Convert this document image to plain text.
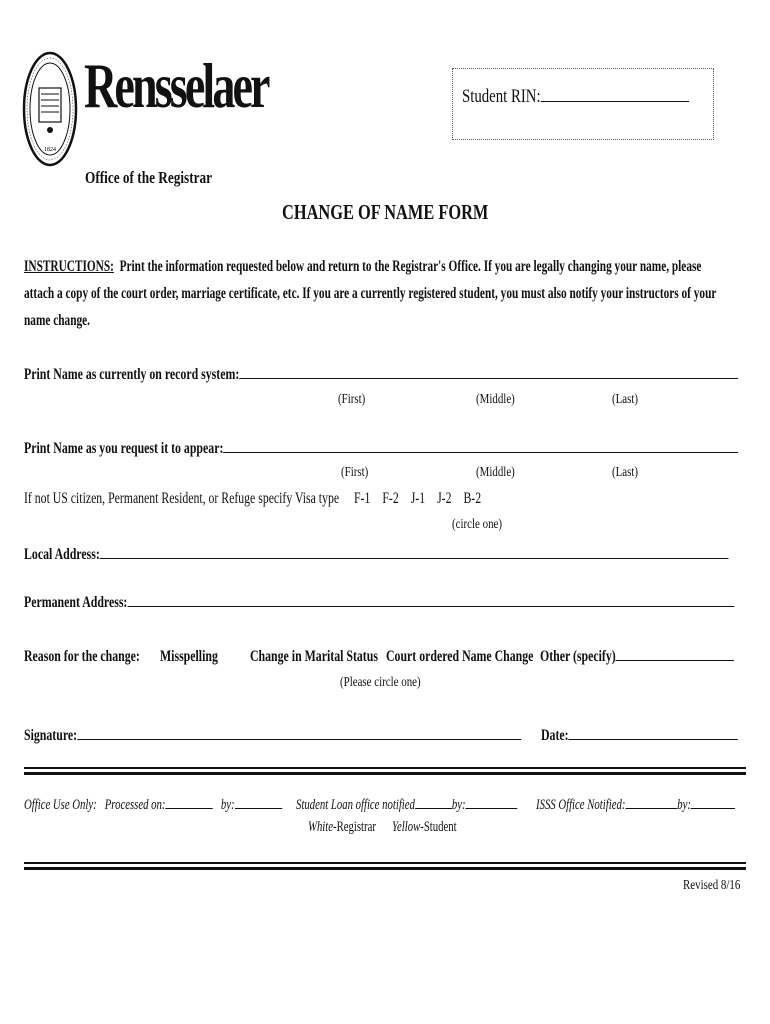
1824
Rensselaer
Office of the Registrar
Student RIN:
CHANGE OF NAME FORM
INSTRUCTIONS: Print the information requested below and return to the Registrar's Office. If you are legally changing your name, please
attach a copy of the court order, marriage certificate, etc. If you are a currently registered student, you must also notify your instructors of your
name change.
Print Name as currently on record system:
(First)	(Middle)	(Last)
Print Name as you request it to appear:
(First)	(Middle)	(Last)
If not US citizen, Permanent Resident, or Refuge specify Visa type F-1 F-2 J-1 J-2 B-2
(circle one)
Local Address:
Permanent Address:
Reason for the change: Misspelling Change in Marital Status Court ordered Name Change Other (specify)
(Please circle one)
Signature:	Date:
Office Use Only: Processed on:	by:	Student Loan office notified	by:	ISSS Office Notified:	by:
White-Registrar Yellow-Student
Revised 8/16
